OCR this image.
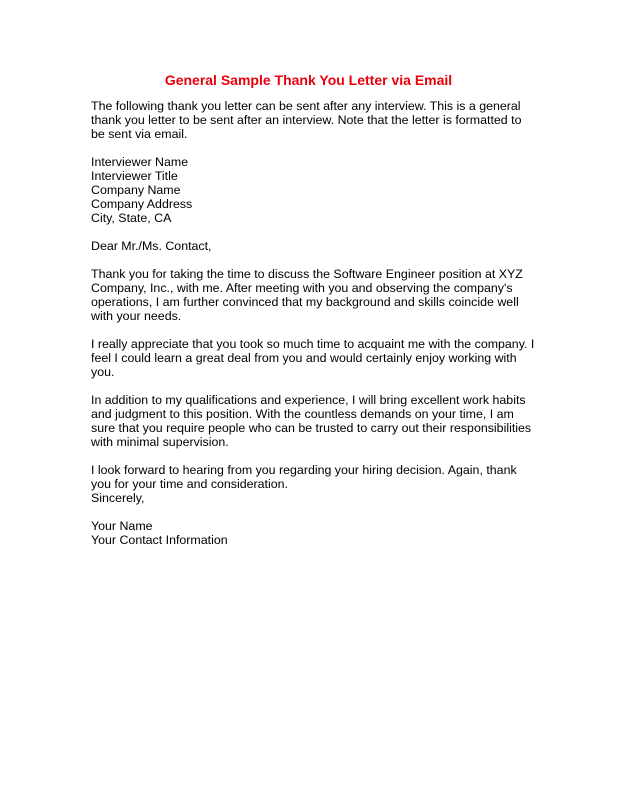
General Sample Thank You Letter via Email
The following thank you letter can be sent after any interview. This is a general
thank you letter to be sent after an interview. Note that the letter is formatted to
be sent via email.
Interviewer Name
Interviewer Title
Company Name
Company Address
City, State, CA
Dear Mr./Ms. Contact,
Thank you for taking the time to discuss the Software Engineer position at XYZ
Company, Inc., with me. After meeting with you and observing the company's
operations, I am further convinced that my background and skills coincide well
with your needs.
I really appreciate that you took so much time to acquaint me with the company. I
feel I could learn a great deal from you and would certainly enjoy working with
you.
In addition to my qualifications and experience, I will bring excellent work habits
and judgment to this position. With the countless demands on your time, I am
sure that you require people who can be trusted to carry out their responsibilities
with minimal supervision.
I look forward to hearing from you regarding your hiring decision. Again, thank
you for your time and consideration.
Sincerely,
Your Name
Your Contact Information
